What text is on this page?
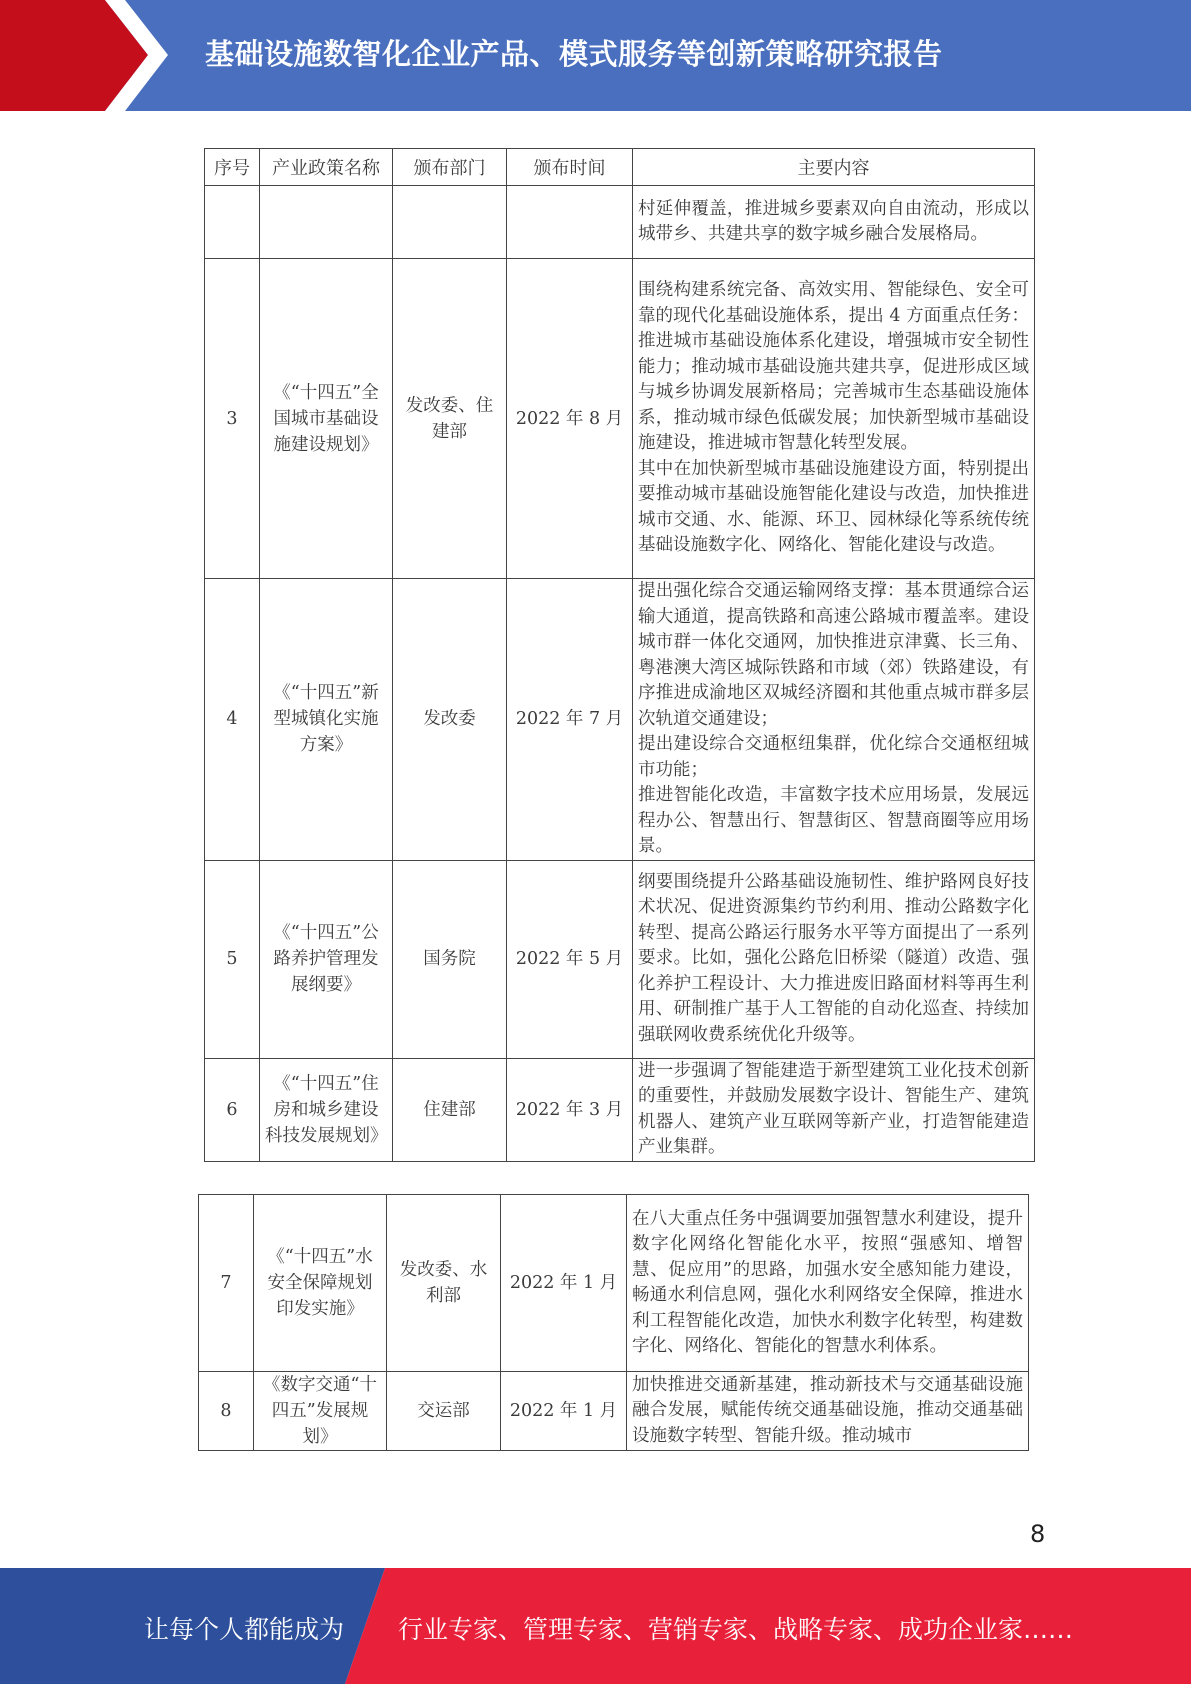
基础设施数智化企业产品、模式服务等创新策略研究报告
序号	产业政策名称	颁布部门	颁布时间	主要内容

				村延伸覆盖，推进城乡要素双向自由流动，形成以城带乡、共建共享的数字城乡融合发展格局。

3	《“十四五”全国城市基础设施建设规划》	发改委、住建部	2022 年 8 月	围绕构建系统完备、高效实用、智能绿色、安全可靠的现代化基础设施体系，提出 4 方面重点任务：推进城市基础设施体系化建设，增强城市安全韧性能力；推动城市基础设施共建共享，促进形成区域与城乡协调发展新格局；完善城市生态基础设施体系，推动城市绿色低碳发展；加快新型城市基础设施建设，推进城市智慧化转型发展。

其中在加快新型城市基础设施建设方面，特别提出要推动城市基础设施智能化建设与改造，加快推进城市交通、水、能源、环卫、园林绿化等系统传统基础设施数字化、网络化、智能化建设与改造。

4	《“十四五”新型城镇化实施方案》	发改委	2022 年 7 月	提出强化综合交通运输网络支撑：基本贯通综合运输大通道，提高铁路和高速公路城市覆盖率。建设城市群一体化交通网，加快推进京津冀、长三角、粤港澳大湾区城际铁路和市域（郊）铁路建设，有序推进成渝地区双城经济圈和其他重点城市群多层次轨道交通建设；

提出建设综合交通枢纽集群，优化综合交通枢纽城市功能；

推进智能化改造，丰富数字技术应用场景，发展远程办公、智慧出行、智慧街区、智慧商圈等应用场景。

5	《“十四五”公路养护管理发展纲要》	国务院	2022 年 5 月	纲要围绕提升公路基础设施韧性、维护路网良好技术状况、促进资源集约节约利用、推动公路数字化转型、提高公路运行服务水平等方面提出了一系列要求。比如，强化公路危旧桥梁（隧道）改造、强化养护工程设计、大力推进废旧路面材料等再生利用、研制推广基于人工智能的自动化巡查、持续加强联网收费系统优化升级等。

6	《“十四五”住房和城乡建设科技发展规划》	住建部	2022 年 3 月	进一步强调了智能建造于新型建筑工业化技术创新的重要性，并鼓励发展数字设计、智能生产、建筑机器人、建筑产业互联网等新产业，打造智能建造产业集群。

7	《“十四五”水安全保障规划印发实施》	发改委、水利部	2022 年 1 月	在八大重点任务中强调要加强智慧水利建设，提升数字化网络化智能化水平，按照“强感知、增智慧、促应用”的思路，加强水安全感知能力建设，畅通水利信息网，强化水利网络安全保障，推进水利工程智能化改造，加快水利数字化转型，构建数字化、网络化、智能化的智慧水利体系。

8	《数字交通“十四五”发展规划》	交运部	2022 年 1 月	加快推进交通新基建，推动新技术与交通基础设施融合发展，赋能传统交通基础设施，推动交通基础设施数字转型、智能升级。推动城市

8
让每个人都能成为 行业专家、管理专家、营销专家、战略专家、成功企业家……
